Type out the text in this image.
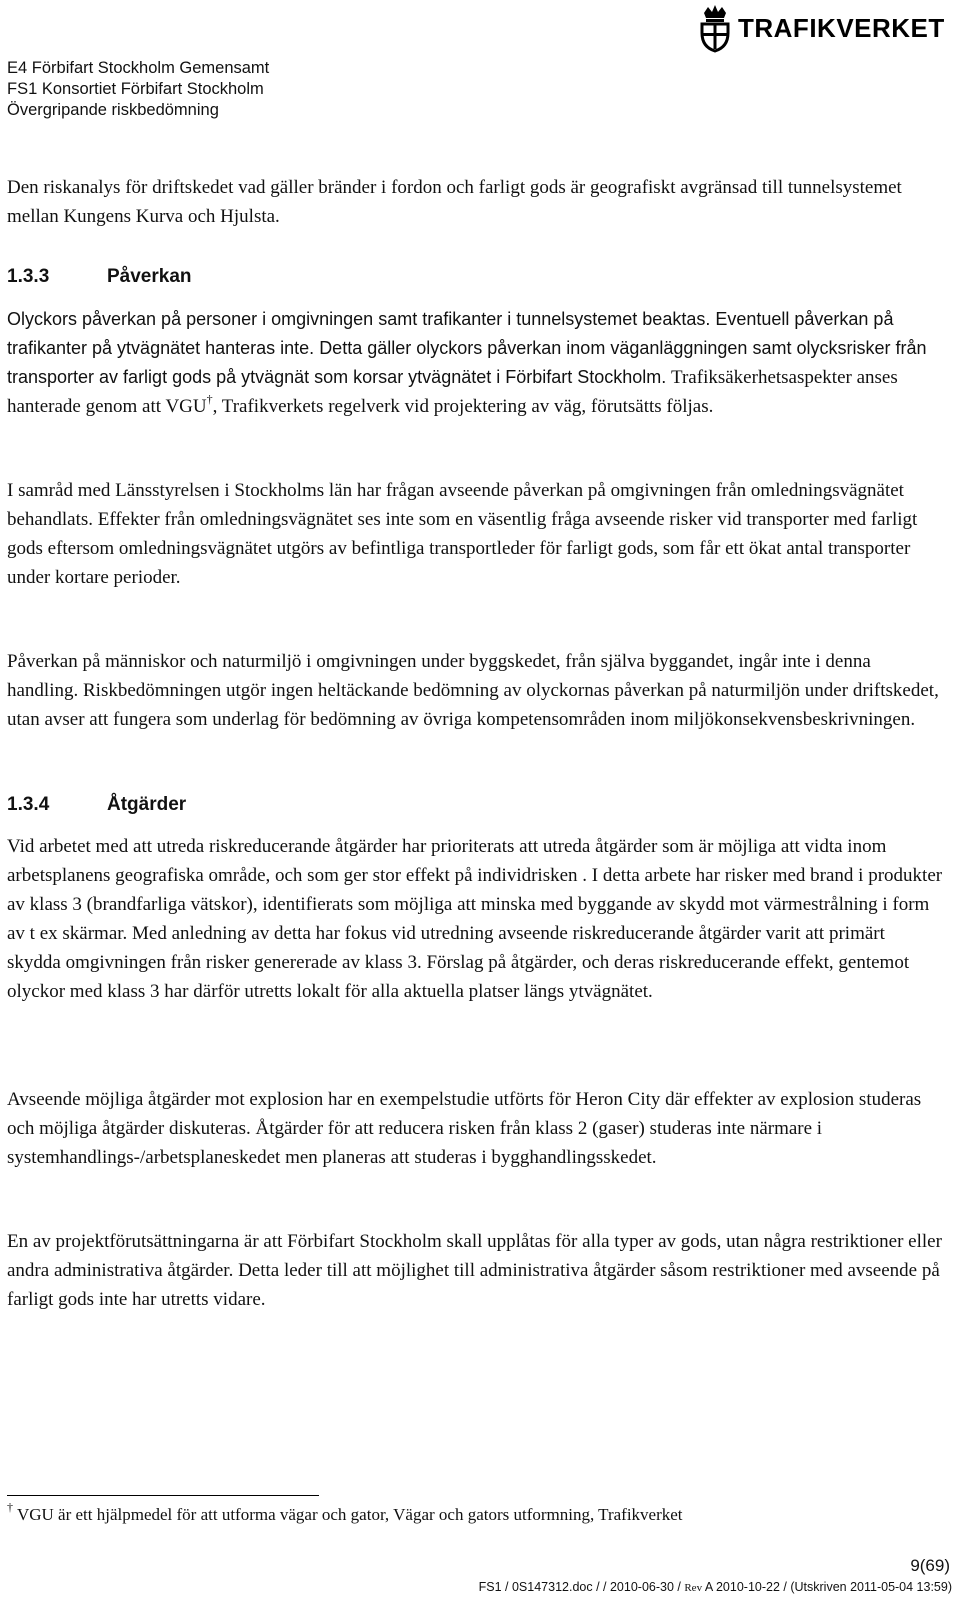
E4 Förbifart Stockholm Gemensamt
FS1 Konsortiet Förbifart Stockholm
Övergripande riskbedömning
TRAFIKVERKET

Den riskanalys för driftskedet vad gäller bränder i fordon och farligt gods är geografiskt avgränsad till tunnelsystemet mellan Kungens Kurva och Hjulsta.

1.3.3	Påverkan

Olyckors påverkan på personer i omgivningen samt trafikanter i tunnelsystemet beaktas. Eventuell påverkan på trafikanter på ytvägnätet hanteras inte. Detta gäller olyckors påverkan inom väganläggningen samt olycksrisker från transporter av farligt gods på ytvägnät som korsar ytvägnätet i Förbifart Stockholm. Trafiksäkerhetsaspekter anses hanterade genom att VGU†, Trafikverkets regelverk vid projektering av väg, förutsätts följas.

I samråd med Länsstyrelsen i Stockholms län har frågan avseende påverkan på omgivningen från omledningsvägnätet behandlats. Effekter från omledningsvägnätet ses inte som en väsentlig fråga avseende risker vid transporter med farligt gods eftersom omledningsvägnätet utgörs av befintliga transportleder för farligt gods, som får ett ökat antal transporter under kortare perioder.

Påverkan på människor och naturmiljö i omgivningen under byggskedet, från själva byggandet, ingår inte i denna handling. Riskbedömningen utgör ingen heltäckande bedömning av olyckornas påverkan på naturmiljön under driftskedet, utan avser att fungera som underlag för bedömning av övriga kompetensområden inom miljökonsekvensbeskrivningen.

1.3.4	Åtgärder

Vid arbetet med att utreda riskreducerande åtgärder har prioriterats att utreda åtgärder som är möjliga att vidta inom arbetsplanens geografiska område, och som ger stor effekt på individrisken . I detta arbete har risker med brand i produkter av klass 3 (brandfarliga vätskor), identifierats som möjliga att minska med byggande av skydd mot värmestrålning i form av t ex skärmar. Med anledning av detta har fokus vid utredning avseende riskreducerande åtgärder varit att primärt skydda omgivningen från risker genererade av klass 3. Förslag på åtgärder, och deras riskreducerande effekt, gentemot olyckor med klass 3 har därför utretts lokalt för alla aktuella platser längs ytvägnätet.

Avseende möjliga åtgärder mot explosion har en exempelstudie utförts för Heron City där effekter av explosion studeras och möjliga åtgärder diskuteras. Åtgärder för att reducera risken från klass 2 (gaser) studeras inte närmare i systemhandlings-/arbetsplaneskedet men planeras att studeras i bygghandlingsskedet.

En av projektförutsättningarna är att Förbifart Stockholm skall upplåtas för alla typer av gods, utan några restriktioner eller andra administrativa åtgärder. Detta leder till att möjlighet till administrativa åtgärder såsom restriktioner med avseende på farligt gods inte har utretts vidare.

† VGU är ett hjälpmedel för att utforma vägar och gator, Vägar och gators utformning, Trafikverket
9(69)
FS1 / 0S147312.doc / / 2010-06-30 / Rev A 2010-10-22 / (Utskriven 2011-05-04 13:59)
